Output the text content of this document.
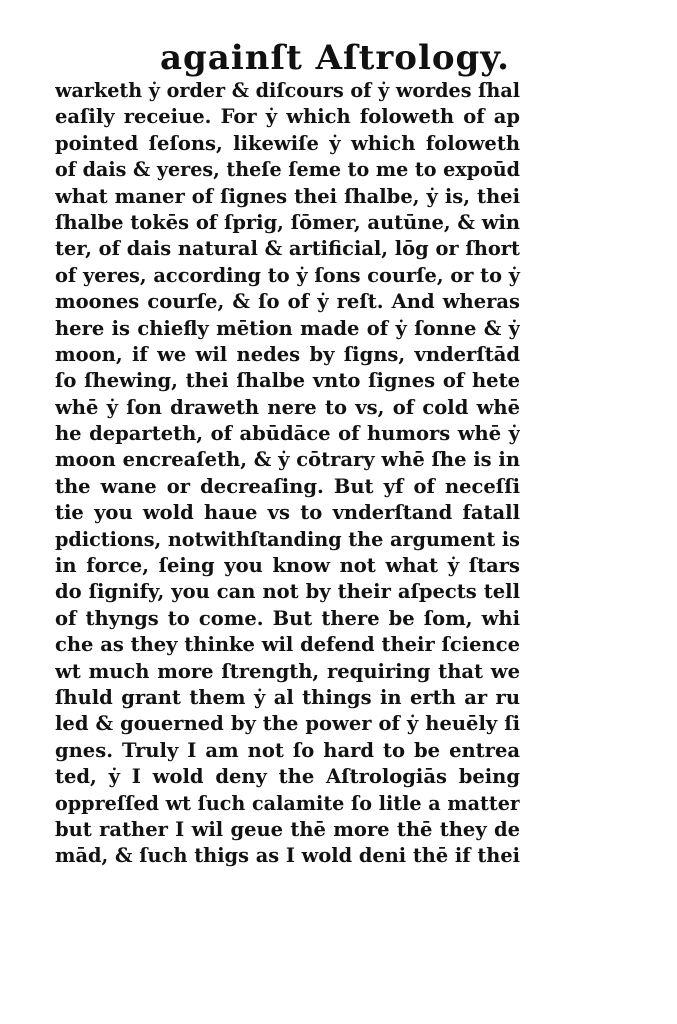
againſt Aſtrology.
warketh ẏ order & diſcours of ẏ wordes ſhal
eaſily receiue. For ẏ which foloweth of ap
pointed ſeſons, likewiſe ẏ which foloweth
of dais & yeres, theſe ſeme to me to expoūd
what maner of ſignes thei ſhalbe, ẏ is, thei
ſhalbe tokēs of ſprig, ſōmer, autūne, & win
ter, of dais natural & artificial, lōg or ſhort
of yeres, according to ẏ ſons courſe, or to ẏ
moones courſe, & ſo of ẏ reſt. And wheras
here is chiefly mētion made of ẏ ſonne & ẏ
moon, if we wil nedes by ſigns, vnderſtād
ſo ſhewing, thei ſhalbe vnto ſignes of hete
whē ẏ ſon draweth nere to vs, of cold whē
he departeth, of abūdāce of humors whē ẏ
moon encreaſeth, & ẏ cōtrary whē ſhe is in
the wane or decreaſing. But yf of neceſſi
tie you wold haue vs to vnderſtand fatall
pdictions, notwithſtanding the argument is
in force, ſeing you know not what ẏ ſtars
do ſignify, you can not by their aſpects tell
of thyngs to come. But there be ſom, whi
che as they thinke wil defend their ſcience
wt much more ſtrength, requiring that we
ſhuld grant them ẏ al things in erth ar ru
led & gouerned by the power of ẏ heuēly ſi
gnes. Truly I am not ſo hard to be entrea
ted, ẏ I wold deny the Aſtrologiās being
oppreſſed wt ſuch calamite ſo litle a matter
but rather I wil geue thē more thē they de
mād, & ſuch thigs as I wold deni thē if thei
